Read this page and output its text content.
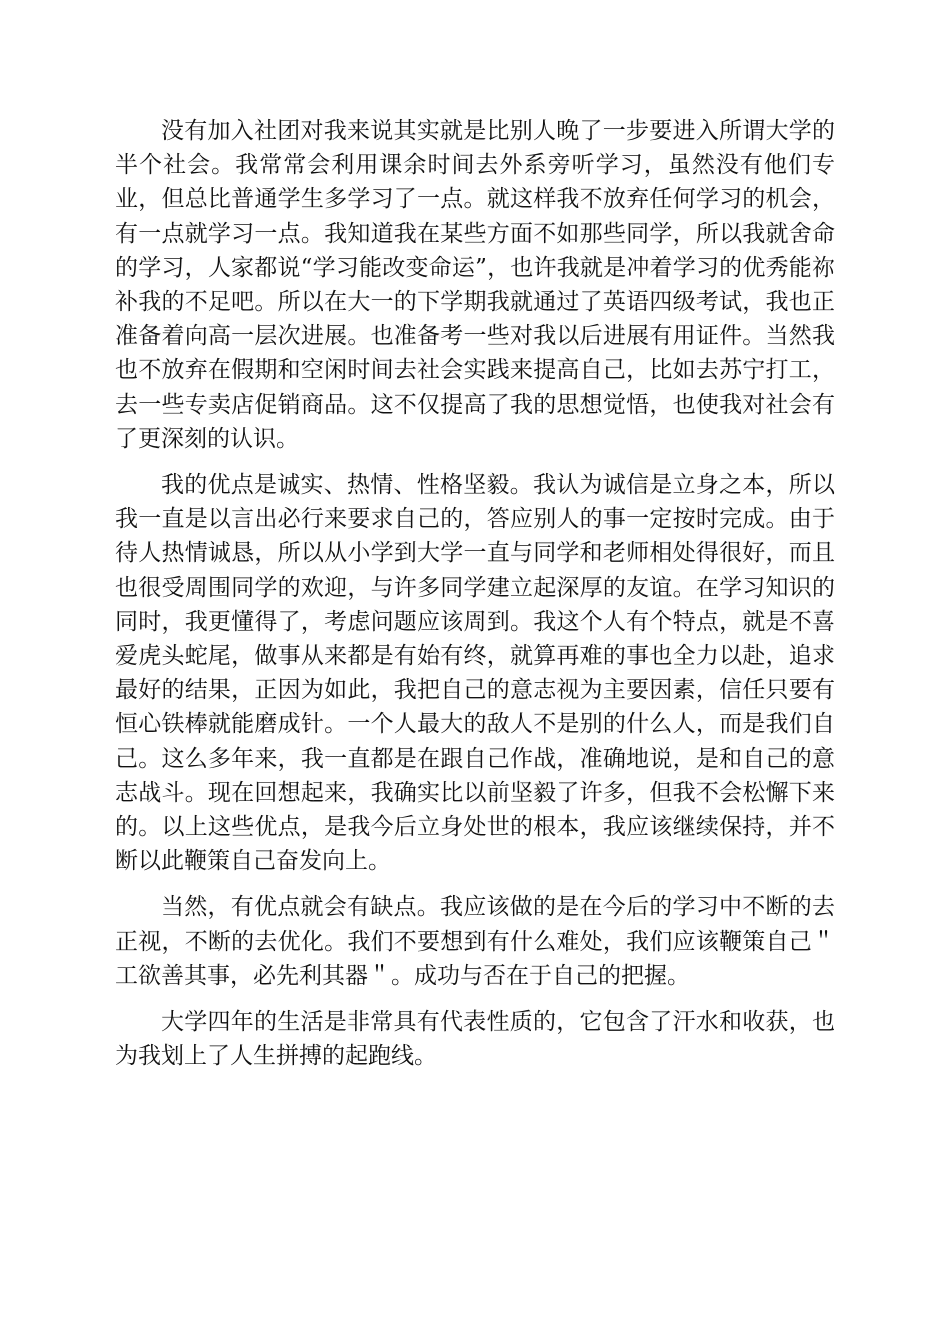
没有加入社团对我来说其实就是比别人晚了一步要进入所谓大学的半个社会。我常常会利用课余时间去外系旁听学习，虽然没有他们专业，但总比普通学生多学习了一点。就这样我不放弃任何学习的机会，有一点就学习一点。我知道我在某些方面不如那些同学，所以我就舍命的学习，人家都说“学习能改变命运”，也许我就是冲着学习的优秀能祢补我的不足吧。所以在大一的下学期我就通过了英语四级考试，我也正准备着向高一层次进展。也准备考一些对我以后进展有用证件。当然我也不放弃在假期和空闲时间去社会实践来提高自己，比如去苏宁打工，去一些专卖店促销商品。这不仅提高了我的思想觉悟，也使我对社会有了更深刻的认识。

我的优点是诚实、热情、性格坚毅。我认为诚信是立身之本，所以我一直是以言出必行来要求自己的，答应别人的事一定按时完成。由于待人热情诚恳，所以从小学到大学一直与同学和老师相处得很好，而且也很受周围同学的欢迎，与许多同学建立起深厚的友谊。在学习知识的同时，我更懂得了，考虑问题应该周到。我这个人有个特点，就是不喜爱虎头蛇尾，做事从来都是有始有终，就算再难的事也全力以赴，追求最好的结果，正因为如此，我把自己的意志视为主要因素，信任只要有恒心铁棒就能磨成针。一个人最大的敌人不是别的什么人，而是我们自己。这么多年来，我一直都是在跟自己作战，准确地说，是和自己的意志战斗。现在回想起来，我确实比以前坚毅了许多，但我不会松懈下来的。以上这些优点，是我今后立身处世的根本，我应该继续保持，并不断以此鞭策自己奋发向上。

当然，有优点就会有缺点。我应该做的是在今后的学习中不断的去正视，不断的去优化。我们不要想到有什么难处，我们应该鞭策自己＂工欲善其事，必先利其器＂。成功与否在于自己的把握。

大学四年的生活是非常具有代表性质的，它包含了汗水和收获，也为我划上了人生拼搏的起跑线。
